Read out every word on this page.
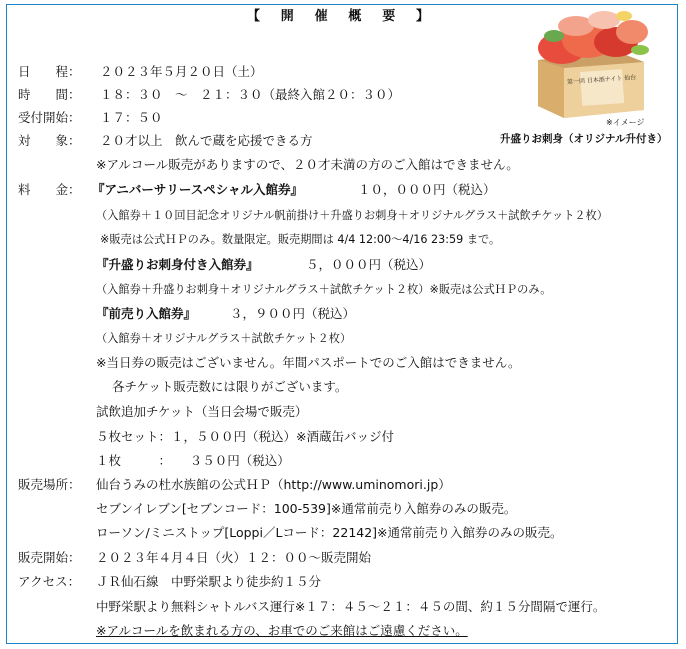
【　開　催　概　要　】
日　　程： ２０２３年５月２０日（土）
時　　間： １８：３０　～　２１：３０（最終入館２０：３０）
受付開始： １７：５０
対　　象： ２０才以上　飲んで蔵を応援できる方
※アルコール販売がありますので、２０才未満の方のご入館はできません。
料　　金： 『アニバーサリースペシャル入館券』	１０，０００円（税込）
（入館券＋１０回目記念オリジナル帆前掛け＋升盛りお刺身＋オリジナルグラス＋試飲チケット２枚）
※販売は公式ＨＰのみ。数量限定。販売期間は 4/4 12:00～4/16 23:59 まで。
『升盛りお刺身付き入館券』	５，０００円（税込）
（入館券＋升盛りお刺身＋オリジナルグラス＋試飲チケット２枚）※販売は公式ＨＰのみ。
『前売り入館券』	３，９００円（税込）
（入館券＋オリジナルグラス＋試飲チケット２枚）
※当日券の販売はございません。年間パスポートでのご入館はできません。
各チケット販売数には限りがございます。
試飲追加チケット（当日会場で販売）
５枚セット：１，５００円（税込）※酒蔵缶バッジ付
１枚　　　：　　３５０円（税込）
販売場所： 仙台うみの杜水族館の公式ＨＰ（http://www.uminomori.jp）
セブンイレブン[セブンコード：100-539]※通常前売り入館券のみの販売。
ローソン/ミニストップ[Loppi／Lコード：22142]※通常前売り入館券のみの販売。
販売開始： ２０２３年４月４日（火）１２：００～販売開始
アクセス： ＪＲ仙石線　中野栄駅より徒歩約１５分
中野栄駅より無料シャトルバス運行※１７：４５～２１：４５の間、約１５分間隔で運行。
※アルコールを飲まれる方の、お車でのご来館はご遠慮ください。
第一回 日本酒ナイト 仙台
※イメージ
升盛りお刺身（オリジナル升付き）
